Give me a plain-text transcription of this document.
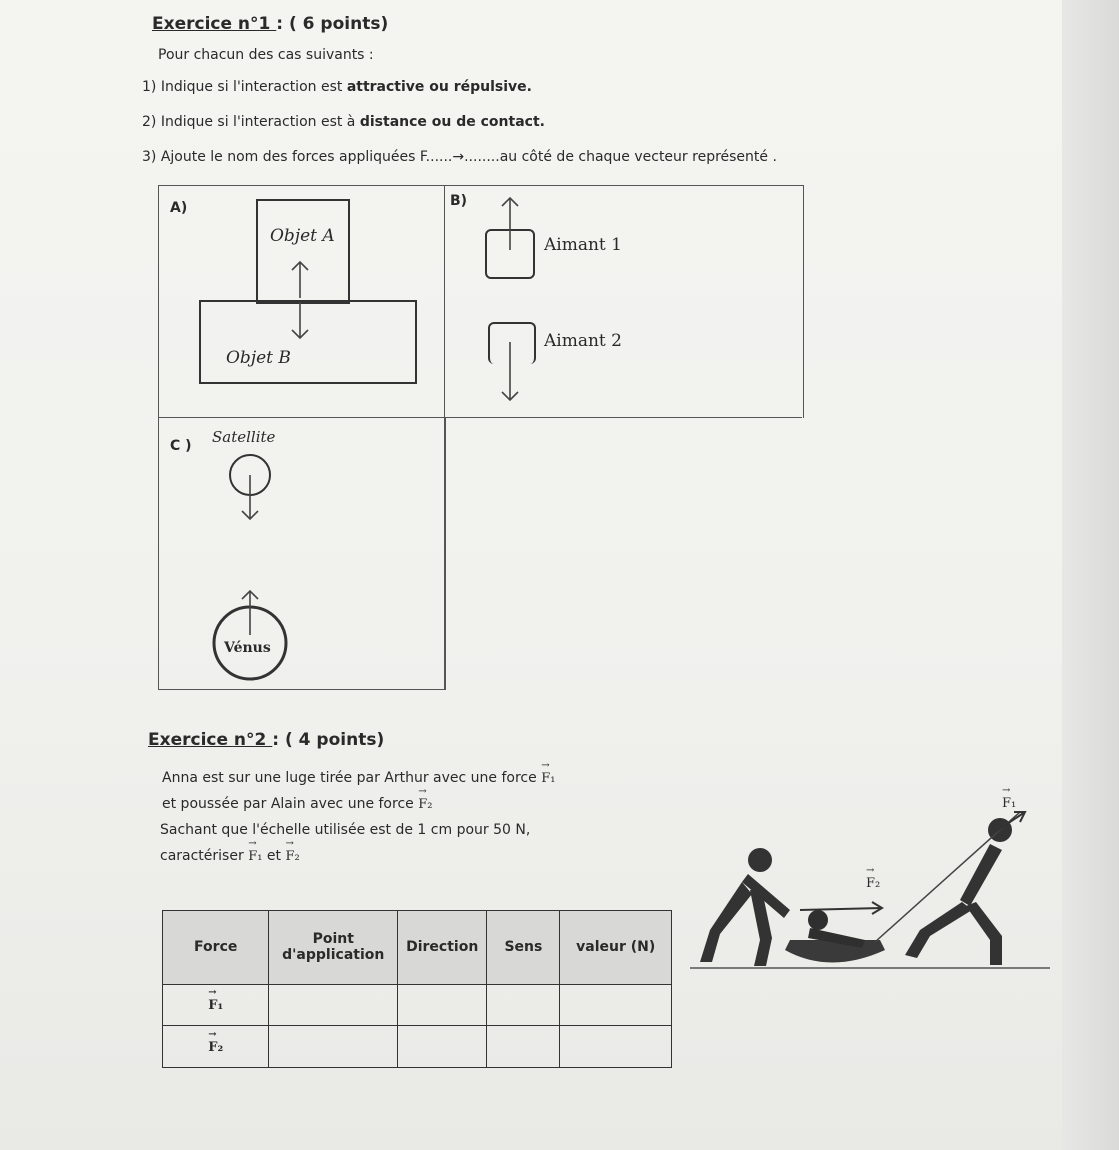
Exercice n°1 : ( 6 points)
Pour chacun des cas suivants :
1) Indique si l'interaction est attractive ou répulsive.
2) Indique si l'interaction est à distance ou de contact.
3) Ajoute le nom des forces appliquées F......→........au côté de chaque vecteur représenté .
A)
Objet A
Objet B
B)
Aimant 1
Aimant 2
C ) Satellite
Vénus
Exercice n°2 : ( 4 points)
Anna est sur une luge tirée par Arthur avec une force → F₁
et poussée par Alain avec une force → F₂
Sachant que l'échelle utilisée est de 1 cm pour 50 N,
caractériser → F₁ et → F₂
→ F₁
→ F₂
Force	Point d'application	Direction	Sens	valeur (N)
→ F₁				
→ F₂				
